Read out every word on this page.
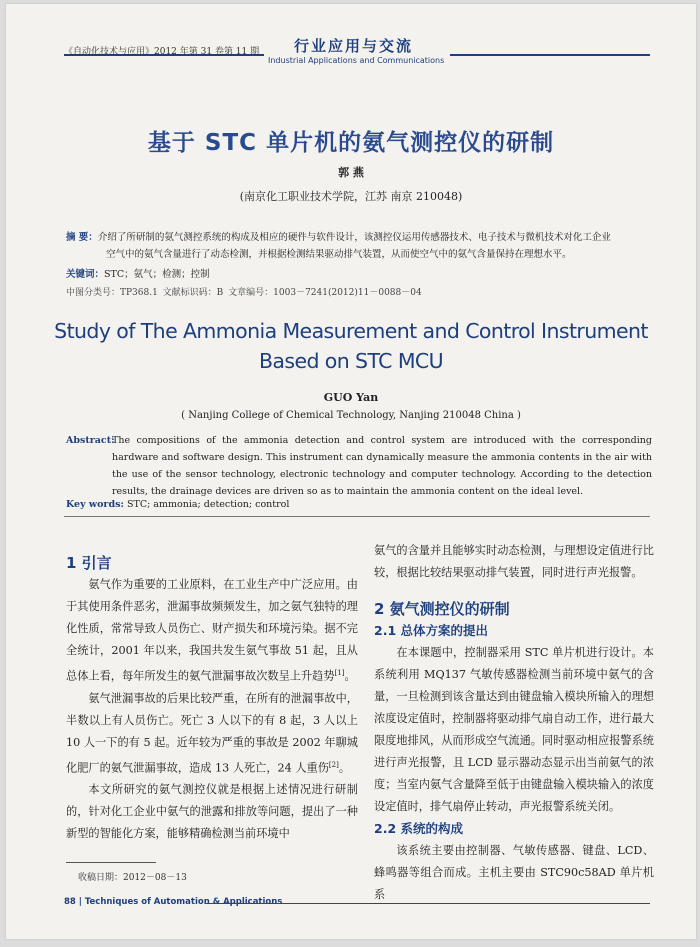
《自动化技术与应用》2012 年第 31 卷第 11 期 行业应用与交流
Industrial Applications and Communications
基于 STC 单片机的氨气测控仪的研制
郭 燕
(南京化工职业技术学院，江苏 南京 210048)
摘 要：介绍了所研制的氨气测控系统的构成及相应的硬件与软件设计，该测控仪运用传感器技术、电子技术与微机技术对化工企业
空气中的氨气含量进行了动态检测，并根据检测结果驱动排气装置，从而使空气中的氨气含量保持在理想水平。
关键词：STC；氨气；检测；控制
中图分类号：TP368.1 文献标识码：B 文章编号：1003－7241(2012)11－0088－04
Study of The Ammonia Measurement and Control Instrument
Based on STC MCU
GUO Yan
( Nanjing College of Chemical Technology, Nanjing 210048 China )
Abstract:
The compositions of the ammonia detection and control system are introduced with the corresponding hardware and software design. This instrument can dynamically measure the ammonia contents in the air with the use of the sensor technology, electronic technology and computer technology. According to the detection results, the drainage devices are driven so as to maintain the ammonia content on the ideal level.
Key words: STC; ammonia; detection; control
1 引言

氨气作为重要的工业原料，在工业生产中广泛应用。由于其使用条件恶劣，泄漏事故频频发生，加之氨气独特的理化性质，常常导致人员伤亡、财产损失和环境污染。据不完全统计，2001 年以来，我国共发生氨气事故 51 起，且从总体上看，每年所发生的氨气泄漏事故次数呈上升趋势[1]。

氨气泄漏事故的后果比较严重，在所有的泄漏事故中，半数以上有人员伤亡。死亡 3 人以下的有 8 起，3 人以上 10 人一下的有 5 起。近年较为严重的事故是 2002 年聊城化肥厂的氨气泄漏事故，造成 13 人死亡，24 人重伤[2]。

本文所研究的氨气测控仪就是根据上述情况进行研制的，针对化工企业中氨气的泄露和排放等问题，提出了一种新型的智能化方案，能够精确检测当前环境中

氨气的含量并且能够实时动态检测，与理想设定值进行比较，根据比较结果驱动排气装置，同时进行声光报警。

2 氨气测控仪的研制
2.1 总体方案的提出

在本课题中，控制器采用 STC 单片机进行设计。本系统利用 MQ137 气敏传感器检测当前环境中氨气的含量，一旦检测到该含量达到由键盘输入模块所输入的理想浓度设定值时，控制器将驱动排气扇自动工作，进行最大限度地排风，从而形成空气流通。同时驱动相应报警系统进行声光报警，且 LCD 显示器动态显示出当前氨气的浓度；当室内氨气含量降至低于由键盘输入模块输入的浓度设定值时，排气扇停止转动，声光报警系统关闭。

2.2 系统的构成

该系统主要由控制器、气敏传感器、键盘、LCD、蜂鸣器等组合而成。主机主要由 STC90c58AD 单片机系

收稿日期：2012－08－13
88 | Techniques of Automation & Applications
